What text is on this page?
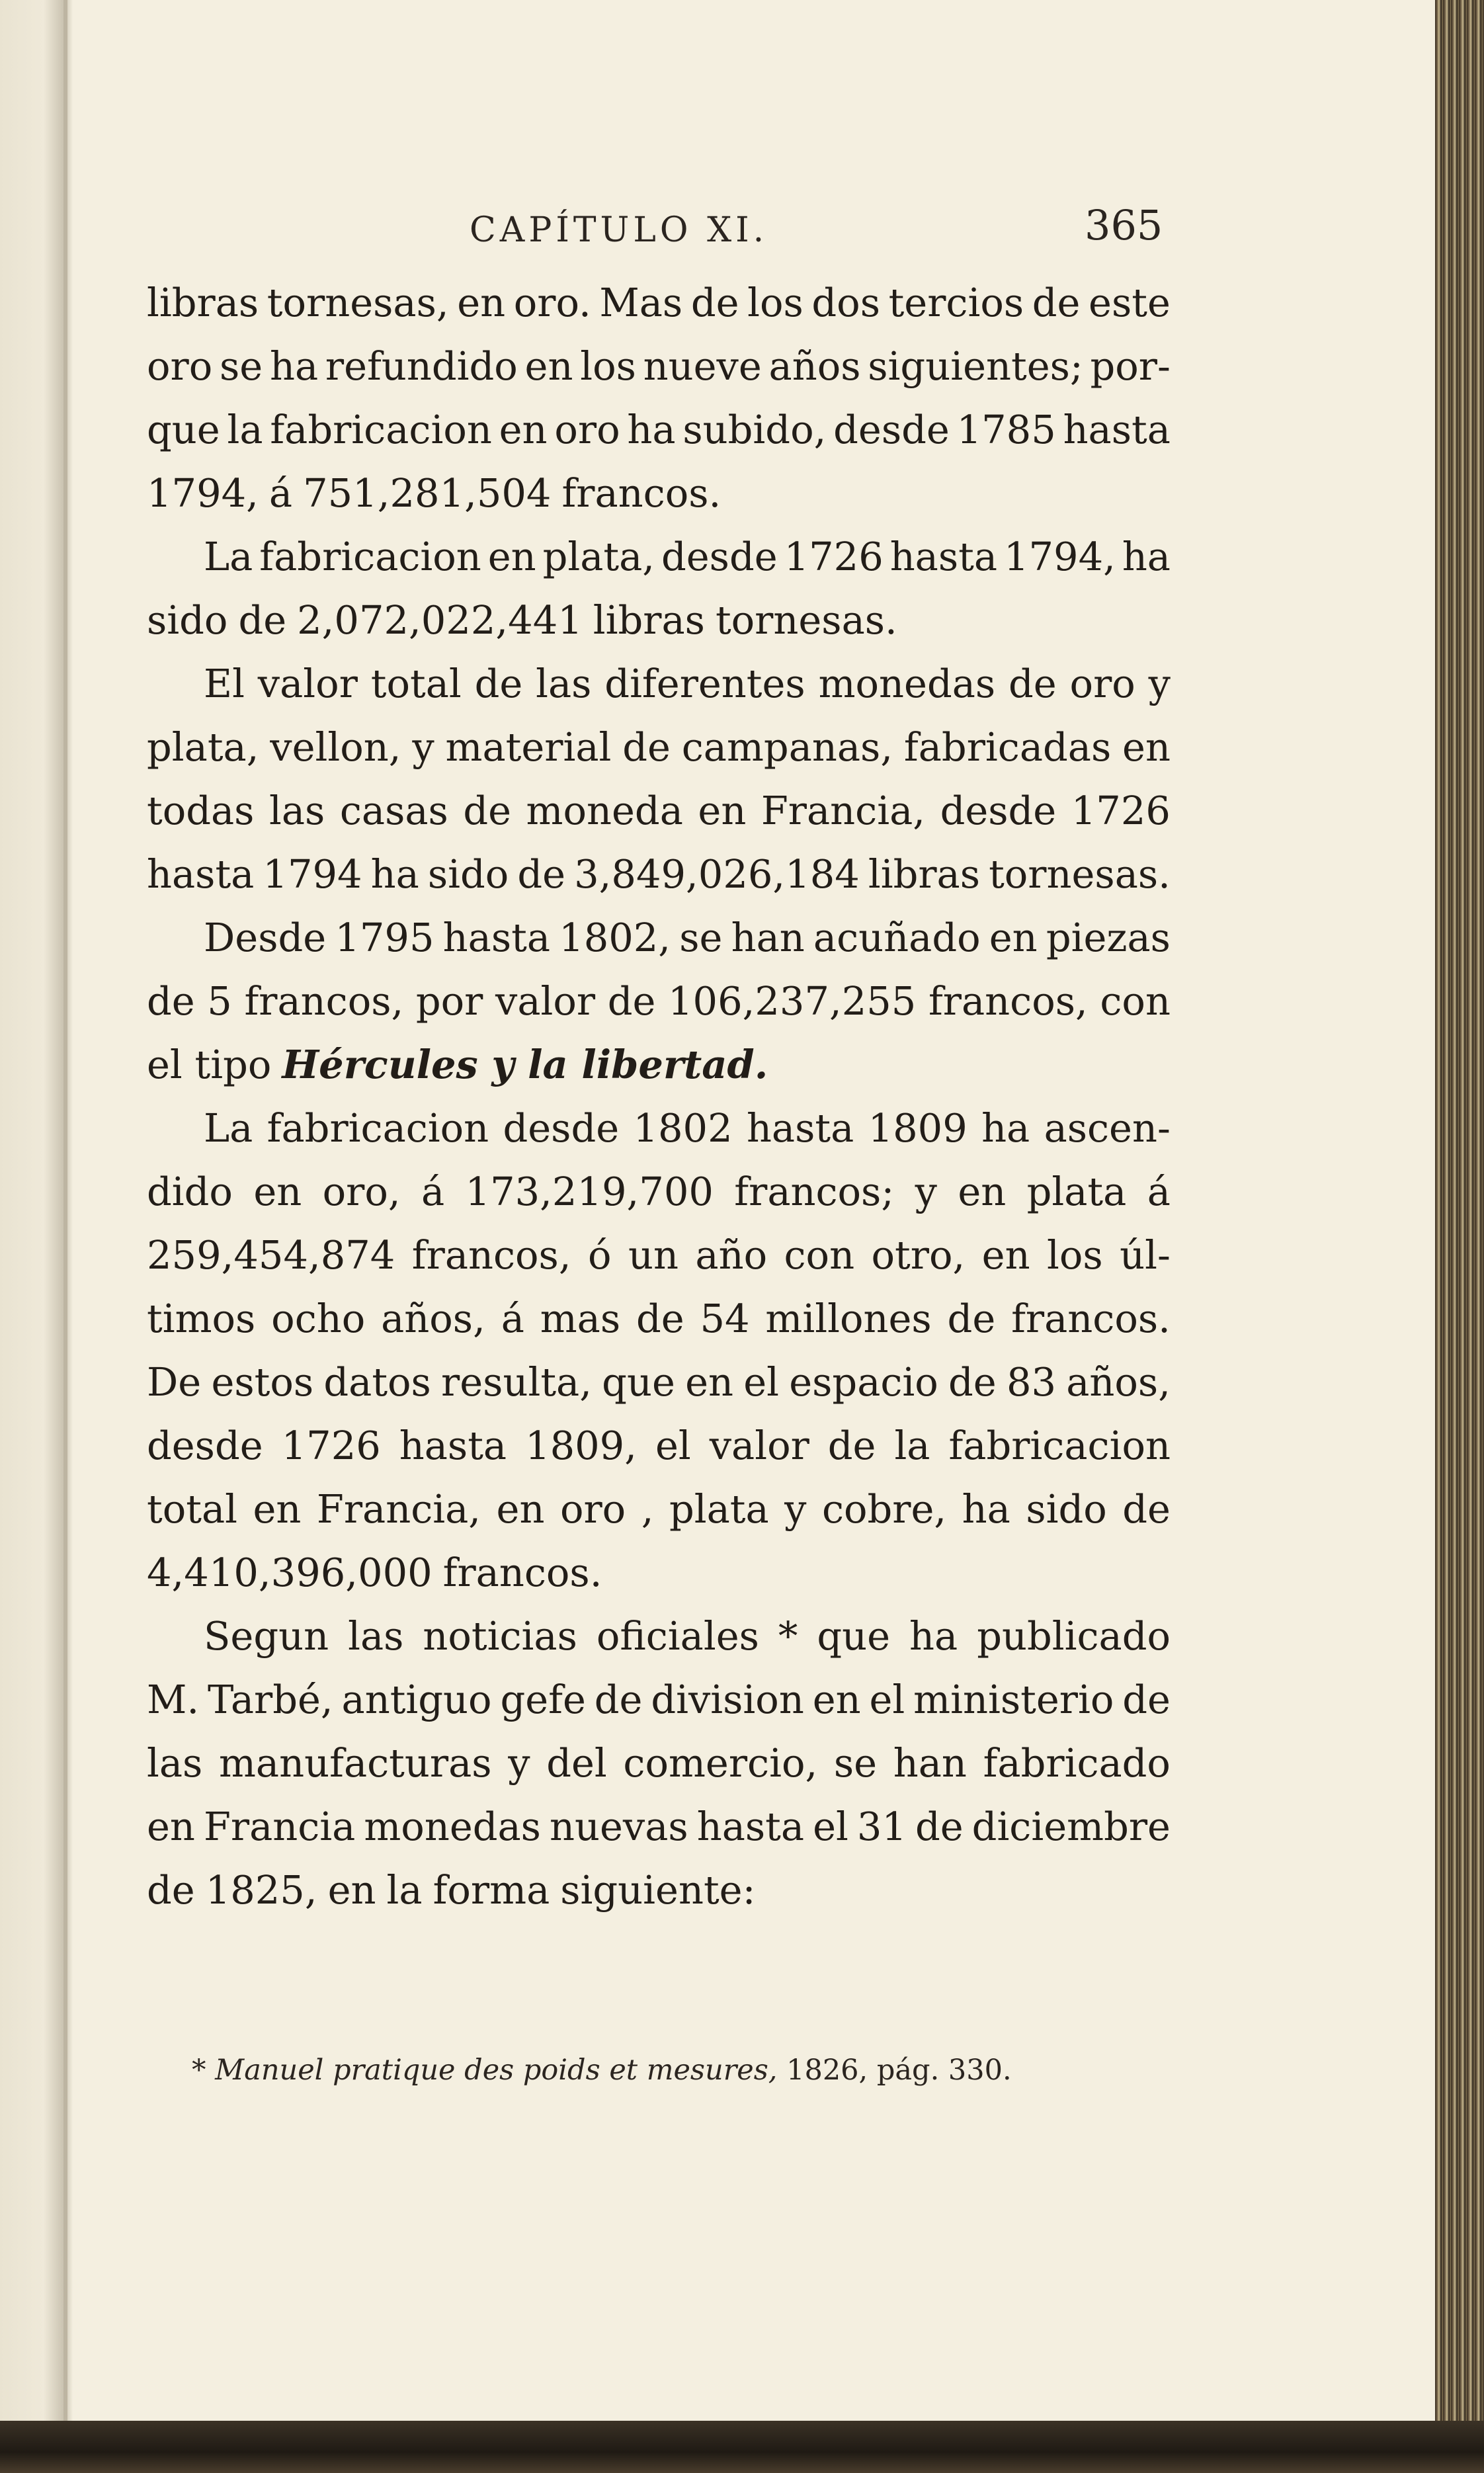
CAPÍTULO XI.	365
libras tornesas, en oro. Mas de los dos tercios de este
oro se ha refundido en los nueve años siguientes; por-
que la fabricacion en oro ha subido, desde 1785 hasta
1794, á 751,281,504 francos.
La fabricacion en plata, desde 1726 hasta 1794, ha
sido de 2,072,022,441 libras tornesas.
El valor total de las diferentes monedas de oro y
plata, vellon, y material de campanas, fabricadas en
todas las casas de moneda en Francia, desde 1726
hasta 1794 ha sido de 3,849,026,184 libras tornesas.
Desde 1795 hasta 1802, se han acuñado en piezas
de 5 francos, por valor de 106,237,255 francos, con
el tipo Hércules y la libertad.
La fabricacion desde 1802 hasta 1809 ha ascen-
dido en oro, á 173,219,700 francos; y en plata á
259,454,874 francos, ó un año con otro, en los úl-
timos ocho años, á mas de 54 millones de francos.
De estos datos resulta, que en el espacio de 83 años,
desde 1726 hasta 1809, el valor de la fabricacion
total en Francia, en oro , plata y cobre, ha sido de
4,410,396,000 francos.
Segun las noticias oficiales * que ha publicado
M. Tarbé, antiguo gefe de division en el ministerio de
las manufacturas y del comercio, se han fabricado
en Francia monedas nuevas hasta el 31 de diciembre
de 1825, en la forma siguiente:
* Manuel pratique des poids et mesures, 1826, pág. 330.
